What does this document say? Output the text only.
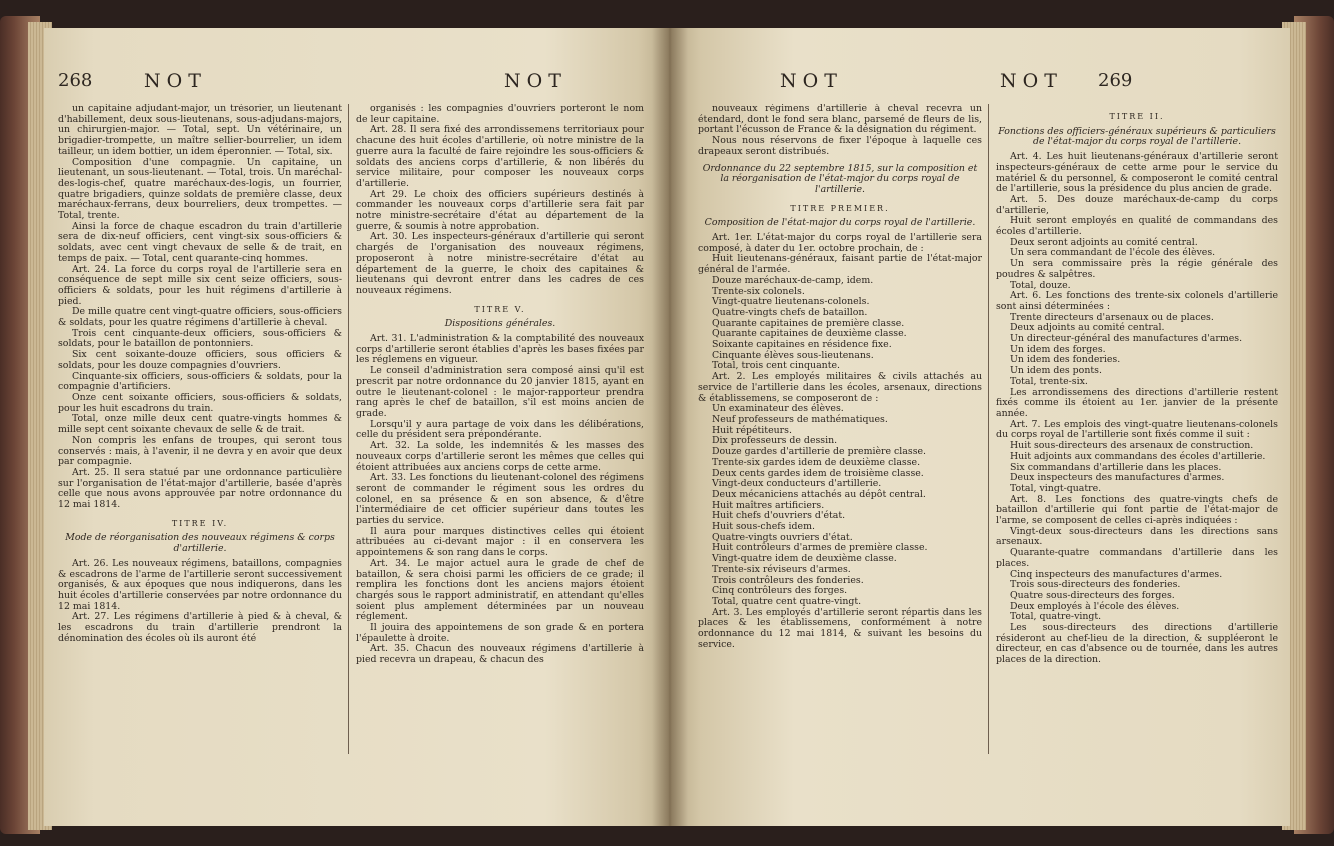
268	NOT	NOT

un capitaine adjudant-major, un trésorier, un lieutenant d'habillement, deux sous-lieutenans, sous-adjudans-majors, un chirurgien-major. — Total, sept. Un vétérinaire, un brigadier-trompette, un maître sellier-bourrelier, un idem tailleur, un idem bottier, un idem éperonnier. — Total, six.

Composition d'une compagnie. Un capitaine, un lieutenant, un sous-lieutenant. — Total, trois. Un maréchal-des-logis-chef, quatre maréchaux-des-logis, un fourrier, quatre brigadiers, quinze soldats de première classe, deux maréchaux-ferrans, deux bourreliers, deux trompettes. — Total, trente.

Ainsi la force de chaque escadron du train d'artillerie sera de dix-neuf officiers, cent vingt-six sous-officiers & soldats, avec cent vingt chevaux de selle & de trait, en temps de paix. — Total, cent quarante-cinq hommes.

Art. 24. La force du corps royal de l'artillerie sera en conséquence de sept mille six cent seize officiers, sous-officiers & soldats, pour les huit régimens d'artillerie à pied.

De mille quatre cent vingt-quatre officiers, sous-officiers & soldats, pour les quatre régimens d'artillerie à cheval.

Trois cent cinquante-deux officiers, sous-officiers & soldats, pour le bataillon de pontonniers.

Six cent soixante-douze officiers, sous officiers & soldats, pour les douze compagnies d'ouvriers.

Cinquante-six officiers, sous-officiers & soldats, pour la compagnie d'artificiers.

Onze cent soixante officiers, sous-officiers & soldats, pour les huit escadrons du train.

Total, onze mille deux cent quatre-vingts hommes & mille sept cent soixante chevaux de selle & de trait.

Non compris les enfans de troupes, qui seront tous conservés : mais, à l'avenir, il ne devra y en avoir que deux par compagnie.

Art. 25. Il sera statué par une ordonnance particulière sur l'organisation de l'état-major d'artillerie, basée d'après celle que nous avons approuvée par notre ordonnance du 12 mai 1814.

TITRE IV.

Mode de réorganisation des nouveaux régimens & corps d'artillerie.

Art. 26. Les nouveaux régimens, bataillons, compagnies & escadrons de l'arme de l'artillerie seront successivement organisés, & aux époques que nous indiquerons, dans les huit écoles d'artillerie conservées par notre ordonnance du 12 mai 1814.

Art. 27. Les régimens d'artillerie à pied & à cheval, & les escadrons du train d'artillerie prendront la dénomination des écoles où ils auront été

organisés : les compagnies d'ouvriers porteront le nom de leur capitaine.

Art. 28. Il sera fixé des arrondissemens territoriaux pour chacune des huit écoles d'artillerie, où notre ministre de la guerre aura la faculté de faire rejoindre les sous-officiers & soldats des anciens corps d'artillerie, & non libérés du service militaire, pour composer les nouveaux corps d'artillerie.

Art 29. Le choix des officiers supérieurs destinés à commander les nouveaux corps d'artillerie sera fait par notre ministre-secrétaire d'état au département de la guerre, & soumis à notre approbation.

Art. 30. Les inspecteurs-généraux d'artillerie qui seront chargés de l'organisation des nouveaux régimens, proposeront à notre ministre-secrétaire d'état au département de la guerre, le choix des capitaines & lieutenans qui devront entrer dans les cadres de ces nouveaux régimens.

TITRE V.

Dispositions générales.

Art. 31. L'administration & la comptabilité des nouveaux corps d'artillerie seront établies d'après les bases fixées par les réglemens en vigueur.

Le conseil d'administration sera composé ainsi qu'il est prescrit par notre ordonnance du 20 janvier 1815, ayant en outre le lieutenant-colonel : le major-rapporteur prendra rang après le chef de bataillon, s'il est moins ancien de grade.

Lorsqu'il y aura partage de voix dans les délibérations, celle du président sera prépondérante.

Art. 32. La solde, les indemnités & les masses des nouveaux corps d'artillerie seront les mêmes que celles qui étoient attribuées aux anciens corps de cette arme.

Art. 33. Les fonctions du lieutenant-colonel des régimens seront de commander le régiment sous les ordres du colonel, en sa présence & en son absence, & d'être l'intermédiaire de cet officier supérieur dans toutes les parties du service.

Il aura pour marques distinctives celles qui étoient attribuées au ci-devant major : il en conservera les appointemens & son rang dans le corps.

Art. 34. Le major actuel aura le grade de chef de bataillon, & sera choisi parmi les officiers de ce grade; il remplira les fonctions dont les anciens majors étoient chargés sous le rapport administratif, en attendant qu'elles soient plus amplement déterminées par un nouveau réglement.

Il jouira des appointemens de son grade & en portera l'épaulette à droite.

Art. 35. Chacun des nouveaux régimens d'artillerie à pied recevra un drapeau, & chacun des

NOT	NOT 269

nouveaux régimens d'artillerie à cheval recevra un étendard, dont le fond sera blanc, parsemé de fleurs de lis, portant l'écusson de France & la désignation du régiment.

Nous nous réservons de fixer l'époque à laquelle ces drapeaux seront distribués.

Ordonnance du 22 septembre 1815, sur la composition et la réorganisation de l'état-major du corps royal de l'artillerie.

TITRE PREMIER.

Composition de l'état-major du corps royal de l'artillerie.

Art. 1er. L'état-major du corps royal de l'artillerie sera composé, à dater du 1er. octobre prochain, de :

Huit lieutenans-généraux, faisant partie de l'état-major général de l'armée.

Douze maréchaux-de-camp, idem.

Trente-six colonels.

Vingt-quatre lieutenans-colonels.

Quatre-vingts chefs de bataillon.

Quarante capitaines de première classe.

Quarante capitaines de deuxième classe.

Soixante capitaines en résidence fixe.

Cinquante élèves sous-lieutenans.

Total, trois cent cinquante.

Art. 2. Les employés militaires & civils attachés au service de l'artillerie dans les écoles, arsenaux, directions & établissemens, se composeront de :

Un examinateur des élèves.

Neuf professeurs de mathématiques.

Huit répétiteurs.

Dix professeurs de dessin.

Douze gardes d'artillerie de première classe.

Trente-six gardes idem de deuxième classe.

Deux cents gardes idem de troisième classe.

Vingt-deux conducteurs d'artillerie.

Deux mécaniciens attachés au dépôt central.

Huit maîtres artificiers.

Huit chefs d'ouvriers d'état.

Huit sous-chefs idem.

Quatre-vingts ouvriers d'état.

Huit contrôleurs d'armes de première classe.

Vingt-quatre idem de deuxième classe.

Trente-six réviseurs d'armes.

Trois contrôleurs des fonderies.

Cinq contrôleurs des forges.

Total, quatre cent quatre-vingt.

Art. 3. Les employés d'artillerie seront répartis dans les places & les établissemens, conformément à notre ordonnance du 12 mai 1814, & suivant les besoins du service.

TITRE II.

Fonctions des officiers-généraux supérieurs & particuliers de l'état-major du corps royal de l'artillerie.

Art. 4. Les huit lieutenans-généraux d'artillerie seront inspecteurs-généraux de cette arme pour le service du matériel & du personnel, & composeront le comité central de l'artillerie, sous la présidence du plus ancien de grade.

Art. 5. Des douze maréchaux-de-camp du corps d'artillerie,

Huit seront employés en qualité de commandans des écoles d'artillerie.

Deux seront adjoints au comité central.

Un sera commandant de l'école des élèves.

Un sera commissaire près la régie générale des poudres & salpêtres.

Total, douze.

Art. 6. Les fonctions des trente-six colonels d'artillerie sont ainsi déterminées :

Trente directeurs d'arsenaux ou de places.

Deux adjoints au comité central.

Un directeur-général des manufactures d'armes.

Un idem des forges.

Un idem des fonderies.

Un idem des ponts.

Total, trente-six.

Les arrondissemens des directions d'artillerie restent fixés comme ils étoient au 1er. janvier de la présente année.

Art. 7. Les emplois des vingt-quatre lieutenans-colonels du corps royal de l'artillerie sont fixés comme il suit :

Huit sous-directeurs des arsenaux de construction.

Huit adjoints aux commandans des écoles d'artillerie.

Six commandans d'artillerie dans les places.

Deux inspecteurs des manufactures d'armes.

Total, vingt-quatre.

Art. 8. Les fonctions des quatre-vingts chefs de bataillon d'artillerie qui font partie de l'état-major de l'arme, se composent de celles ci-après indiquées :

Vingt-deux sous-directeurs dans les directions sans arsenaux.

Quarante-quatre commandans d'artillerie dans les places.

Cinq inspecteurs des manufactures d'armes.

Trois sous-directeurs des fonderies.

Quatre sous-directeurs des forges.

Deux employés à l'école des élèves.

Total, quatre-vingt.

Les sous-directeurs des directions d'artillerie résideront au chef-lieu de la direction, & suppléeront le directeur, en cas d'absence ou de tournée, dans les autres places de la direction.
